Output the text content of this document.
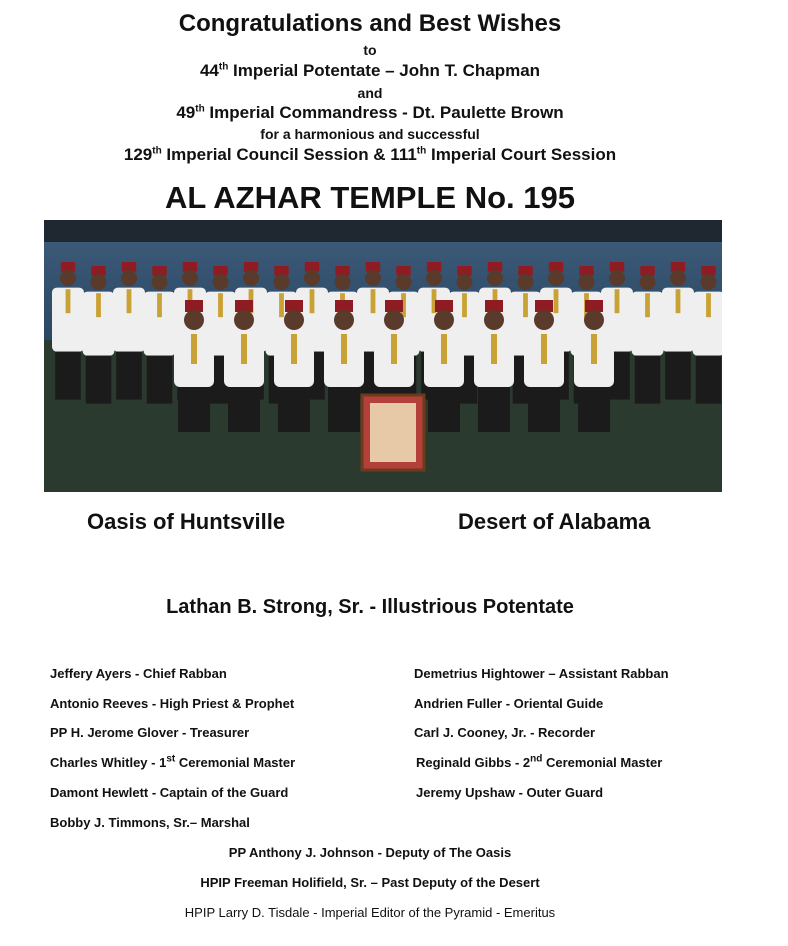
Congratulations and Best Wishes
to
44th Imperial Potentate – John T. Chapman
and
49th Imperial Commandress - Dt. Paulette Brown
for a harmonious and successful
129th Imperial Council Session & 111th Imperial Court Session
AL AZHAR TEMPLE No. 195
Oasis of Huntsville	Desert of Alabama
Lathan B. Strong, Sr. - Illustrious Potentate
Jeffery Ayers - Chief Rabban	Demetrius Hightower – Assistant Rabban
Antonio Reeves - High Priest & Prophet	Andrien Fuller - Oriental Guide
PP H. Jerome Glover - Treasurer	Carl J. Cooney, Jr. - Recorder
Charles Whitley - 1st Ceremonial Master	Reginald Gibbs - 2nd Ceremonial Master
Damont Hewlett - Captain of the Guard	Jeremy Upshaw - Outer Guard
Bobby J. Timmons, Sr.– Marshal
PP Anthony J. Johnson - Deputy of The Oasis
HPIP Freeman Holifield, Sr. – Past Deputy of the Desert
HPIP Larry D. Tisdale - Imperial Editor of the Pyramid - Emeritus
